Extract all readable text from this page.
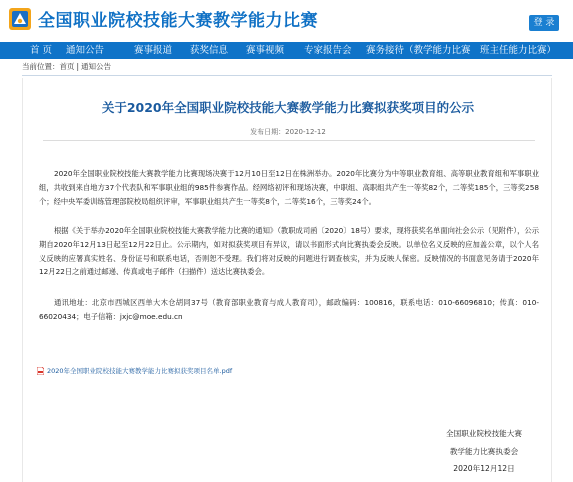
全国职业院校技能大赛教学能力比赛	登 录
首 页	通知公告	赛事报道	获奖信息	赛事视频	专家报告会	赛务接待（教学能力比赛　班主任能力比赛）
当前位置：首页 | 通知公告
关于2020年全国职业院校技能大赛教学能力比赛拟获奖项目的公示
发布日期：2020-12-12

2020年全国职业院校技能大赛教学能力比赛现场决赛于12月10日至12日在株洲举办。2020年比赛分为中等职业教育组、高等职业教育组和军事职业组，共收到来自地方37个代表队和军事职业组的985件参赛作品。经网络初评和现场决赛，中职组、高职组共产生一等奖82个，二等奖185个，三等奖258个；经中央军委训练管理部院校局组织评审，军事职业组共产生一等奖8个，二等奖16个，三等奖24个。

根据《关于举办2020年全国职业院校技能大赛教学能力比赛的通知》（教职成司函〔2020〕18号）要求，现将获奖名单面向社会公示（见附件），公示期自2020年12月13日起至12月22日止。公示期内，如对拟获奖项目有异议，请以书面形式向比赛执委会反映。以单位名义反映的应加盖公章，以个人名义反映的应署真实姓名、身份证号和联系电话，否则恕不受理。我们将对反映的问题进行调查核实，并为反映人保密。反映情况的书面意见务请于2020年12月22日之前通过邮递、传真或电子邮件（扫描件）送达比赛执委会。

通讯地址：北京市西城区西单大木仓胡同37号（教育部职业教育与成人教育司），邮政编码：100816，联系电话：010-66096810；传真：010-66020434；电子信箱：jxjc@moe.edu.cn

2020年全国职业院校技能大赛教学能力比赛拟获奖项目名单.pdf
全国职业院校技能大赛
教学能力比赛执委会
2020年12月12日
